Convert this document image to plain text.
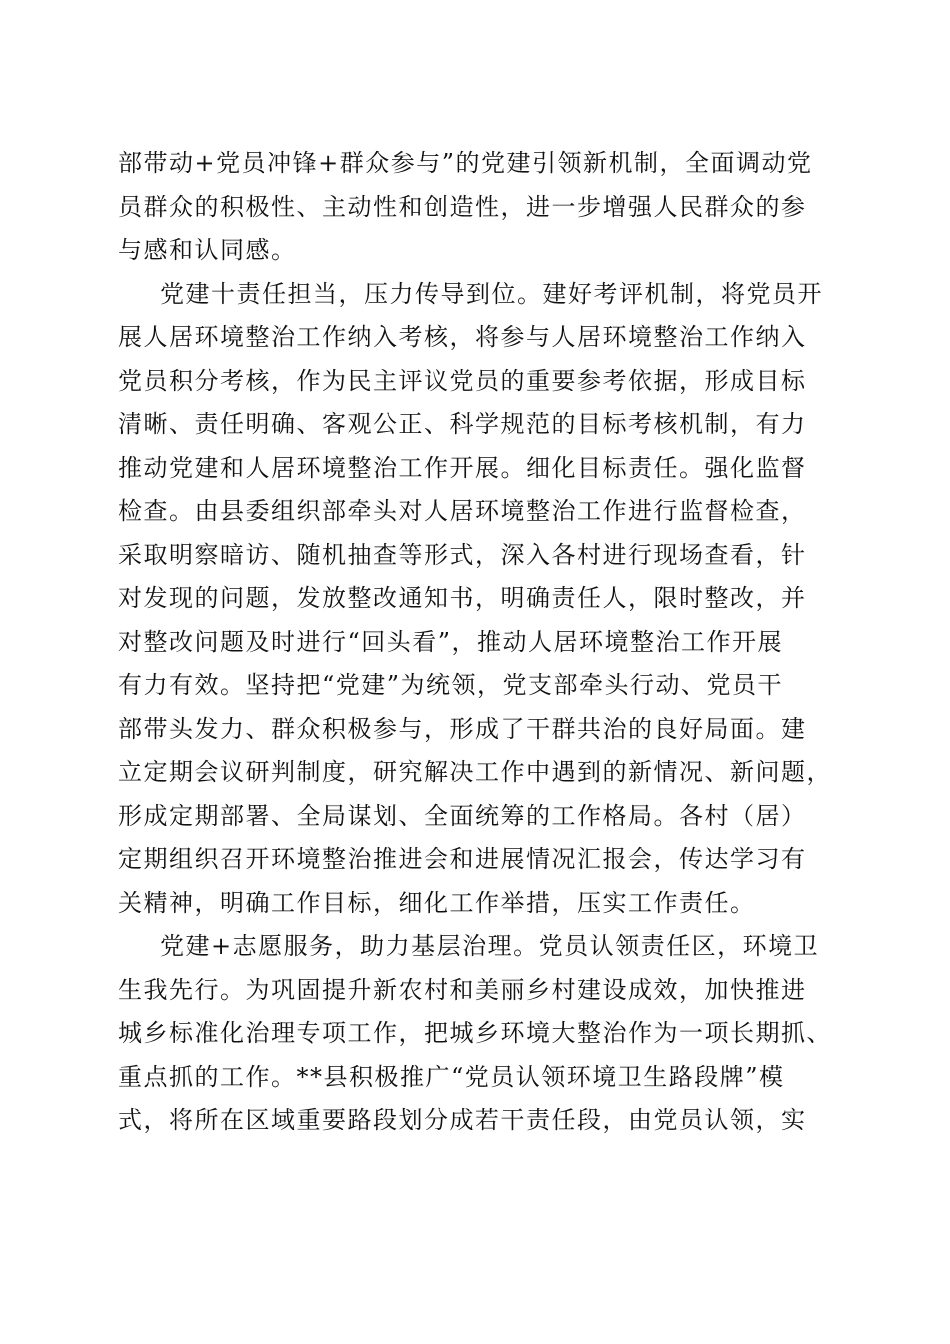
部带动+党员冲锋+群众参与”的党建引领新机制，全面调动党
员群众的积极性、主动性和创造性，进一步增强人民群众的参
与感和认同感。
党建十责任担当，压力传导到位。建好考评机制，将党员开
展人居环境整治工作纳入考核，将参与人居环境整治工作纳入
党员积分考核，作为民主评议党员的重要参考依据，形成目标
清晰、责任明确、客观公正、科学规范的目标考核机制，有力
推动党建和人居环境整治工作开展。细化目标责任。强化监督
检查。由县委组织部牵头对人居环境整治工作进行监督检查，
采取明察暗访、随机抽查等形式，深入各村进行现场查看，针
对发现的问题，发放整改通知书，明确责任人，限时整改，并
对整改问题及时进行“回头看”，推动人居环境整治工作开展
有力有效。坚持把“党建”为统领，党支部牵头行动、党员干
部带头发力、群众积极参与，形成了干群共治的良好局面。建
立定期会议研判制度，研究解决工作中遇到的新情况、新问题，
形成定期部署、全局谋划、全面统筹的工作格局。各村（居）
定期组织召开环境整治推进会和进展情况汇报会，传达学习有
关精神，明确工作目标，细化工作举措，压实工作责任。
党建+志愿服务，助力基层治理。党员认领责任区，环境卫
生我先行。为巩固提升新农村和美丽乡村建设成效，加快推进
城乡标准化治理专项工作，把城乡环境大整治作为一项长期抓、
重点抓的工作。**县积极推广“党员认领环境卫生路段牌”模
式，将所在区域重要路段划分成若干责任段，由党员认领，实
